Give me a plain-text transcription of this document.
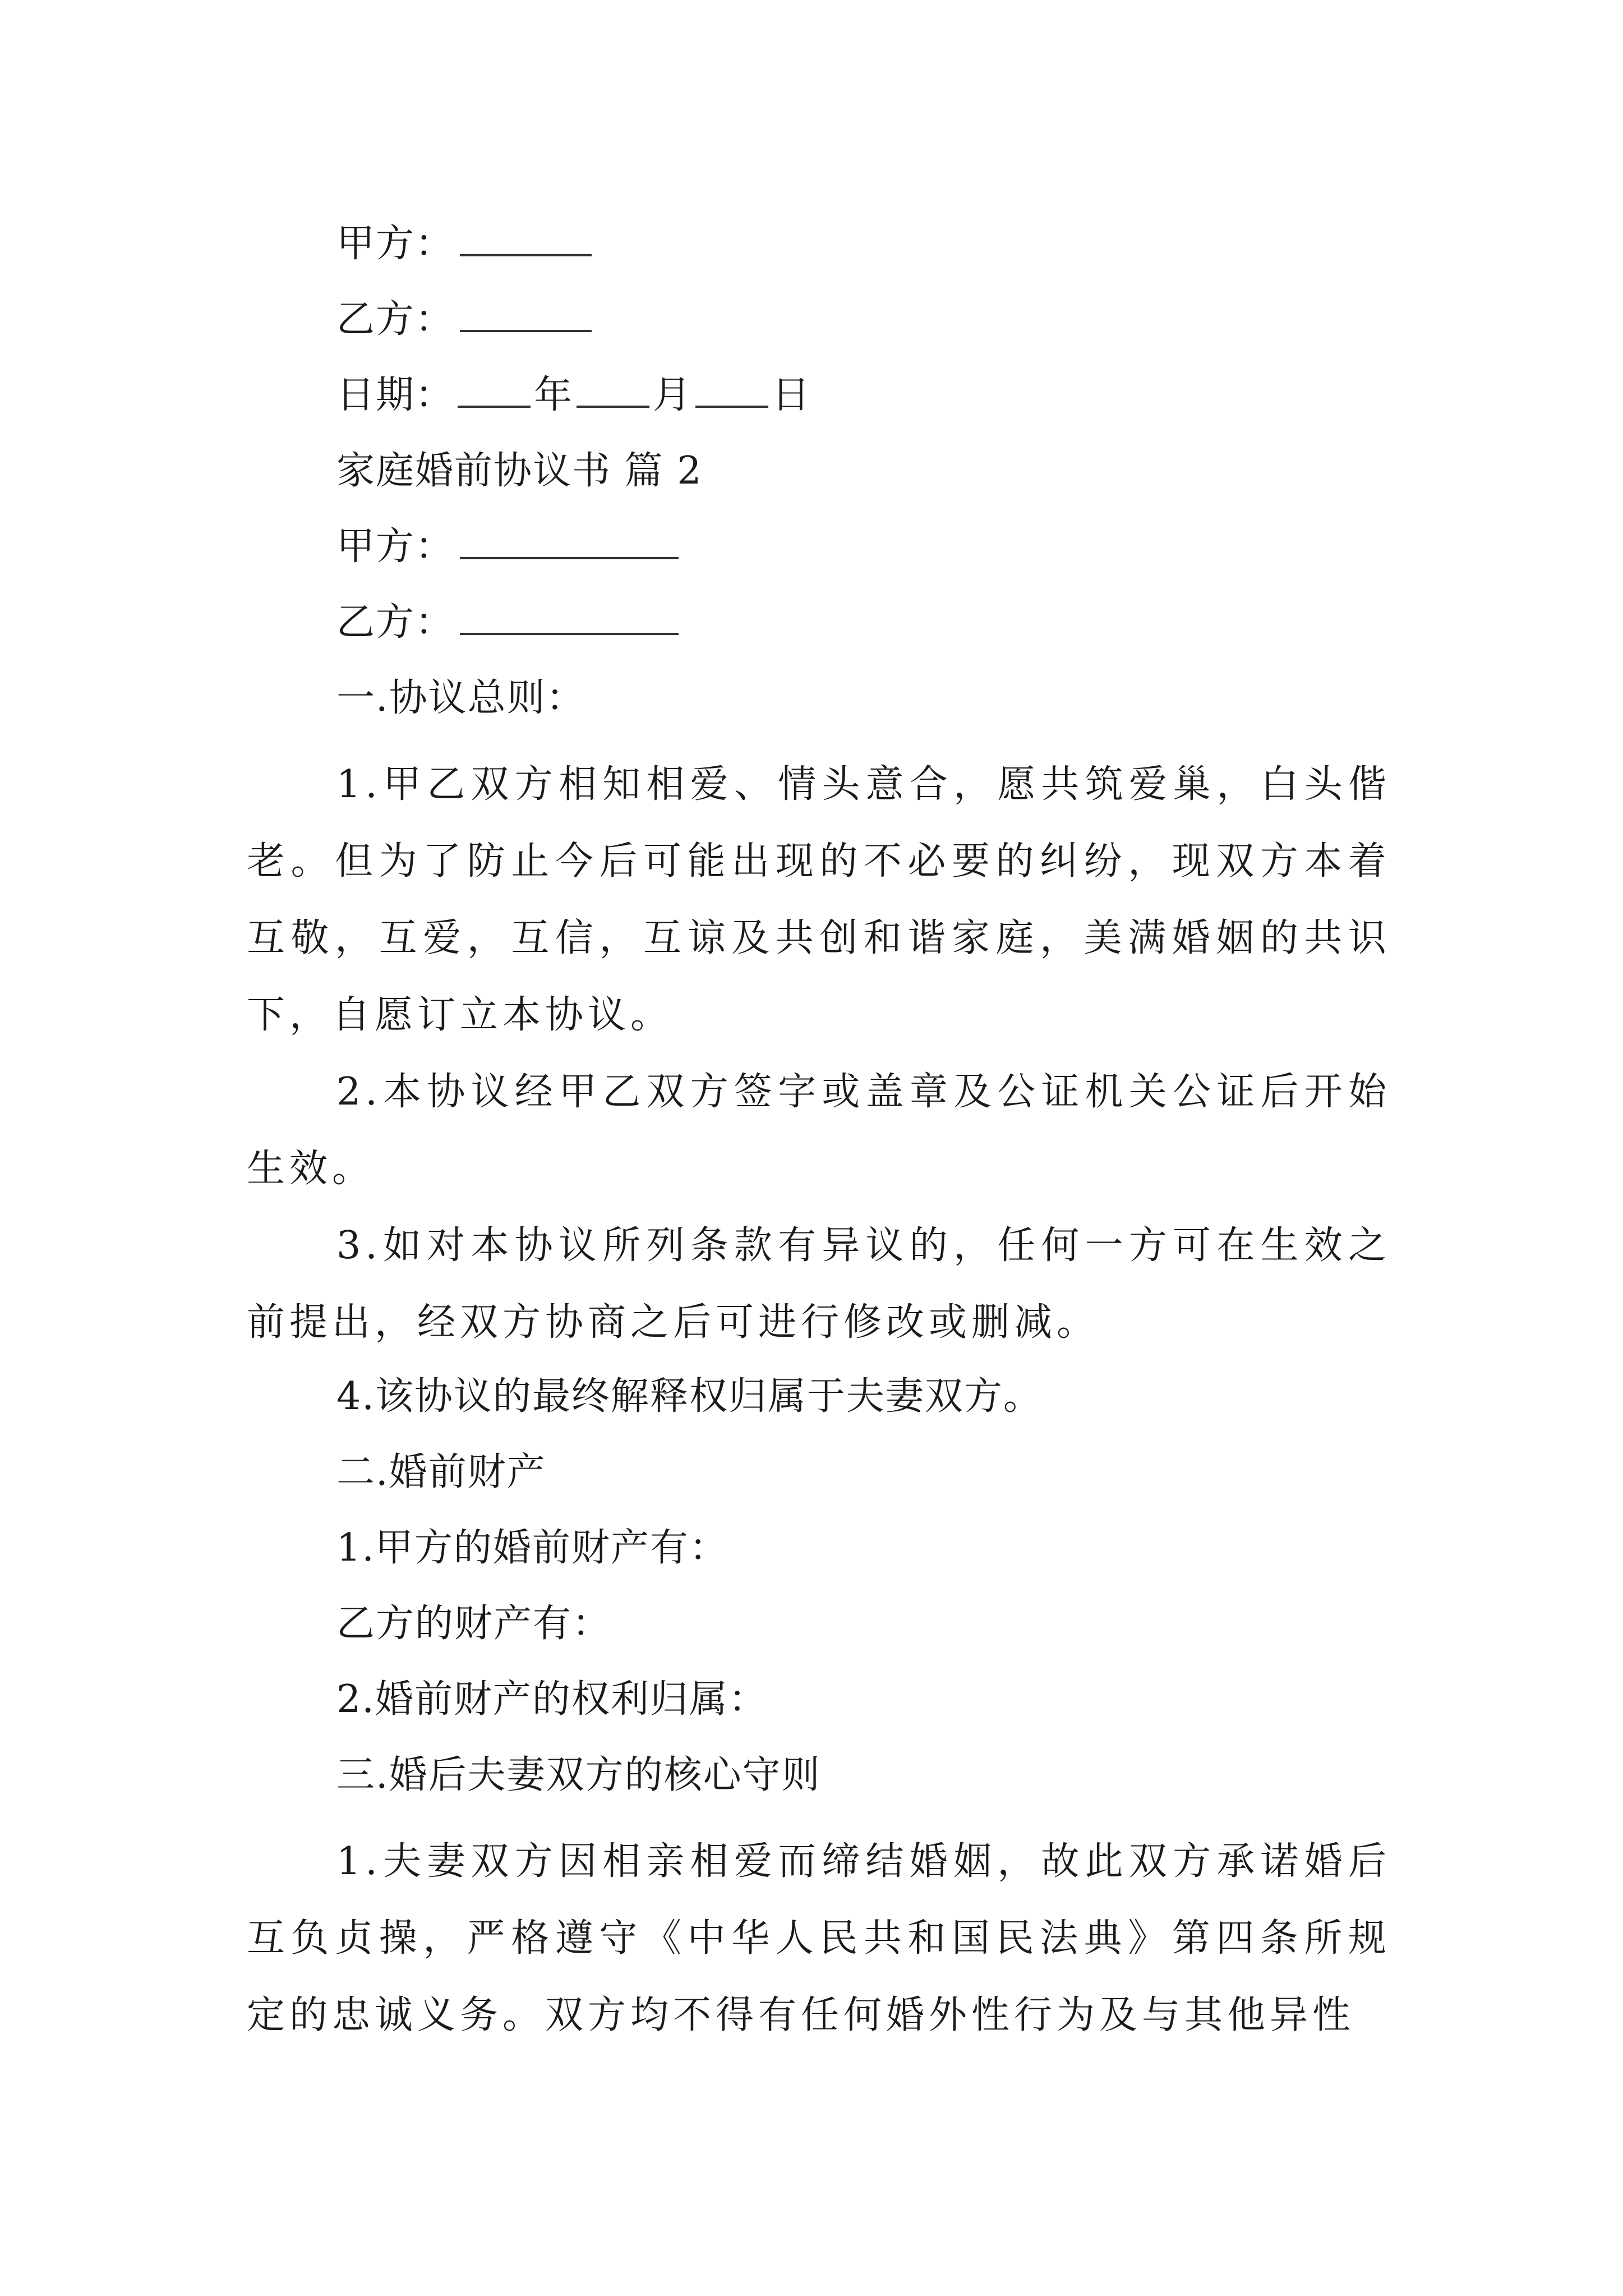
甲方：
乙方：
日期： 年 月 日
家庭婚前协议书 篇 2
甲方：
乙方：
一.协议总则：
1.甲乙双方相知相爱、情头意合，愿共筑爱巢，白头偕老。但为了防止今后可能出现的不必要的纠纷，现双方本着互敬，互爱，互信，互谅及共创和谐家庭，美满婚姻的共识下，自愿订立本协议。
2.本协议经甲乙双方签字或盖章及公证机关公证后开始生效。
3.如对本协议所列条款有异议的，任何一方可在生效之前提出，经双方协商之后可进行修改或删减。
4.该协议的最终解释权归属于夫妻双方。
二.婚前财产
1.甲方的婚前财产有：
乙方的财产有：
2.婚前财产的权利归属：
三.婚后夫妻双方的核心守则
1.夫妻双方因相亲相爱而缔结婚姻，故此双方承诺婚后互负贞操，严格遵守《中华人民共和国民法典》第四条所规定的忠诚义务。双方均不得有任何婚外性行为及与其他异性
